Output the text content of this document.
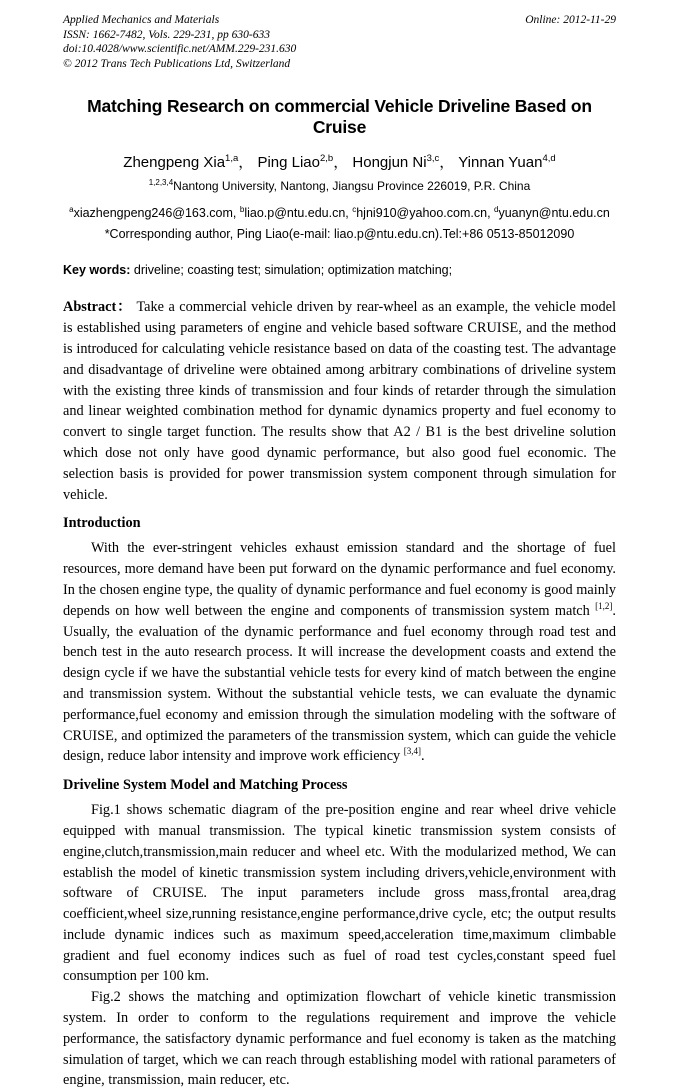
Applied Mechanics and Materials
ISSN: 1662-7482, Vols. 229-231, pp 630-633
doi:10.4028/www.scientific.net/AMM.229-231.630
© 2012 Trans Tech Publications Ltd, Switzerland
Online: 2012-11-29
Matching Research on commercial Vehicle Driveline Based on Cruise
Zhengpeng Xia$^{1,a}$， Ping Liao$^{2,b}$， Hongjun Ni$^{3,c}$， Yinnan Yuan$^{4,d}$
$^{1,2,3,4}$Nantong University, Nantong, Jiangsu Province 226019, P.R. China
$^a$xiazhengpeng246@163.com, $^b$liao.p@ntu.edu.cn, $^c$hjni910@yahoo.com.cn, $^d$yuanyn@ntu.edu.cn
*Corresponding author, Ping Liao(e-mail: liao.p@ntu.edu.cn).Tel:+86 0513-85012090
Key words: driveline; coasting test; simulation; optimization matching;

Abstract： Take a commercial vehicle driven by rear-wheel as an example, the vehicle model is established using parameters of engine and vehicle based software CRUISE, and the method is introduced for calculating vehicle resistance based on data of the coasting test. The advantage and disadvantage of driveline were obtained among arbitrary combinations of driveline system with the existing three kinds of transmission and four kinds of retarder through the simulation and linear weighted combination method for dynamic dynamics property and fuel economy to convert to single target function. The results show that A2 / B1 is the best driveline solution which dose not only have good dynamic performance, but also good fuel economic. The selection basis is provided for power transmission system component through simulation for vehicle.

Introduction

With the ever-stringent vehicles exhaust emission standard and the shortage of fuel resources, more demand have been put forward on the dynamic performance and fuel economy. In the chosen engine type, the quality of dynamic performance and fuel economy is good mainly depends on how well between the engine and components of transmission system match [1,2]. Usually, the evaluation of the dynamic performance and fuel economy through road test and bench test in the auto research process. It will increase the development coasts and extend the design cycle if we have the substantial vehicle tests for every kind of match between the engine and transmission system. Without the substantial vehicle tests, we can evaluate the dynamic performance,fuel economy and emission through the simulation modeling with the software of CRUISE, and optimized the parameters of the transmission system, which can guide the vehicle design, reduce labor intensity and improve work efficiency [3,4].

Driveline System Model and Matching Process

Fig.1 shows schematic diagram of the pre-position engine and rear wheel drive vehicle equipped with manual transmission. The typical kinetic transmission system consists of engine,clutch,transmission,main reducer and wheel etc. With the modularized method, We can establish the model of kinetic transmission system including drivers,vehicle,environment with software of CRUISE. The input parameters include gross mass,frontal area,drag coefficient,wheel size,running resistance,engine performance,drive cycle, etc; the output results include dynamic indices such as maximum speed,acceleration time,maximum climbable gradient and fuel economy indices such as fuel of road test cycles,constant speed fuel consumption per 100 km.

Fig.2 shows the matching and optimization flowchart of vehicle kinetic transmission system. In order to conform to the regulations requirement and improve the vehicle performance, the satisfactory dynamic performance and fuel economy is taken as the matching simulation of target, which we can reach through establishing model with rational parameters of engine, transmission, main reducer, etc.
